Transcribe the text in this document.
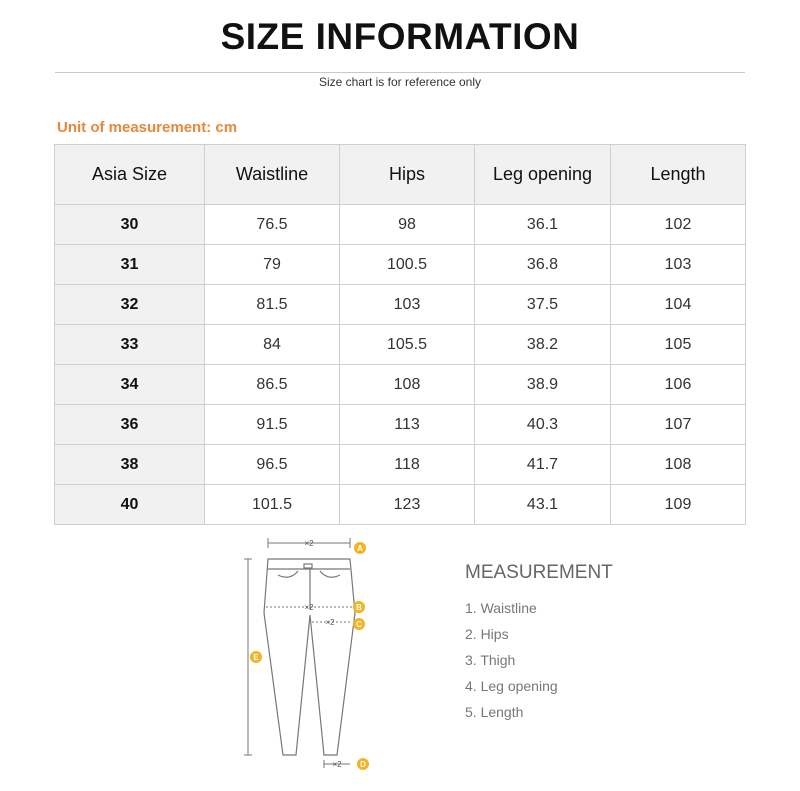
SIZE INFORMATION
Size chart is for reference only
Unit of measurement: cm
Asia Size	Waistline	Hips	Leg opening	Length
30	76.5	98	36.1	102
31	79	100.5	36.8	103
32	81.5	103	37.5	104
33	84	105.5	38.2	105
34	86.5	108	38.9	106
36	91.5	113	40.3	107
38	96.5	118	41.7	108
40	101.5	123	43.1	109
×2
×2
×2
×2
A
B
C
D
E
MEASUREMENT
1. Waistline
2. Hips
3. Thigh
4. Leg opening
5. Length
